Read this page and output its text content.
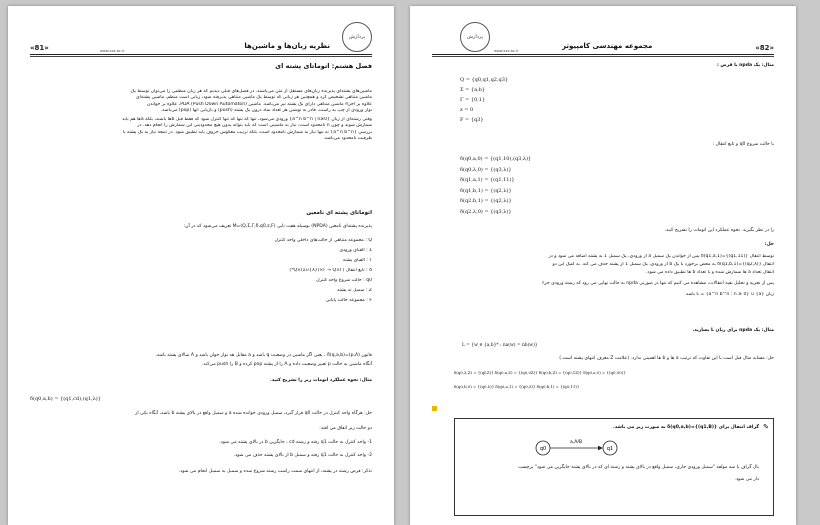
«81»	www.xxx.ac.ir
نظریه زبان‌ها و ماشین‌ها
پردازش
فصل هشتم: اتوماتای پشته ای
ماشین‌های پشته‌ای پذیرنده زبان‌های مستقل از متن می‌باشند. در فصل‌های قبلی دیدیم که هر زبان منظمی را می‌توان توسط یک
ماشین متناهی تشخیص کرد و همچنین هر زبانی که توسط یک ماشین متناهی پذیرفته شود، زبانی است منظم. ماشین پشته‌ای
علاوه بر اجزاء ماشین متناهی دارای یک پشته نیز می‌باشد. ماشین (PDA (Push Down Automaton، علاوه بر خواندن
نوار ورودی از چپ به راست، قادر به نوشتن هر تعداد نماد درون یک پشته (push) و بازیابی آنها (pop) می‌باشد.
وقتی رشته‌ای از زبان {a^n b^n | n≥0} ورودی می‌شود، تنها که تنها که تنها کنترل شود که فقط قبل b‌ها باشند، بلکه a‌ها هم باید
شمارش شوند و چون n نامحدود است، نیاز به ماشینی است که باید بتواند بدون هیچ محدودیتی این شمارش را انجام دهد. در
بررسی {a^n b^n} نه تنها نیاز به شمارش نامحدود است، بلکه ترتیب معکوس حروف باید تطبیق شود. در نتیجه نیاز به یک پشته با
ظرفیت نامحدود می‌باشد.
اتوماتای پشته ای نامعین
پذیرنده پشته‌ای نامعین (NPDA) بوسیله هفت تایی M=(Q,Σ,Γ,δ,q0,z,F) تعریف می‌شود که در آن:
Q : مجموعه متناهی از حالت‌های داخلی واحد کنترل
Σ : الفبای ورودی
Γ : الفبای پشته
δ : تابع انتقال (Q×(Σ∪{λ})×Γ → Q×Γ*)
q0 : حالت شروع واحد کنترل
Z : سمبل ته پشته
F : مجموعه حالت پایانی
قانون δ(q,a,b)=(p,A) ، یعنی اگر ماشین در وضعیت q باشد و a مقابل هد نوار خوان باشد و A سالای پشته باشد،
آنگاه ماشین به حالت p تغییر وضعیت داده و A را از پشته pop کرده و B را push می‌کند.
مثال: نحوه عملکرد انومات زیر را تشریح کنید.
δ(q0,a,b) = {(q1,cd),(q1,λ)}
حل: هرگاه واحد کنترل در حالت q0 قرار گیرد، سمبل ورودی خوانده شده a و سمبل واقع در بالای پشته b باشد، آنگاه یکی از
دو حالت زیر اتفاق می افتد:
1- واحد کنترل به حالت q1 رفته و رشته cd ، جایگزین b در بالای پشته می شود.
2- واحد کنترل به حالت q1 رفته و سمبل b از بالای پشته حذف می شود.
تذکر: فرض رشته در پشته، از انتهای سمت راست رشته شروع شده و سمبل به سمبل انجام می شود.
پردازش
www.xxx.ac.ir
مجموعه مهندسی کامپیوتر	«82»
مثال: یک npda با فرض :
Q = {q0,q1,q2,q3}
Σ = {a,b}
Γ = {0,1}
z = 0
F = {q3}
با حالت شروع q0 و تابع انتقال :
δ(q0,a,0) = {(q1,10),(q3,λ)}
δ(q0,λ,0) = {(q3,λ)}
δ(q1,a,1) = {(q1,11)}
δ(q1,b,1) = {(q2,λ)}
δ(q2,b,1) = {(q2,λ)}
δ(q2,λ,0) = {(q3,λ)}
را در نظر بگیرید. نحوه عملکرد این اتومات را تشریح کنید.
حل:
توسط انتقال δ(q1,a,1)={(q1,11)} پس از خواندن یک سمبل a از ورودی، یک سمبل 1 به پشته اضافه می شود و در
انتقال δ(q1,b,1)={(q2,λ)} به محض برخورد با یک b از ورودی، یک سمبل 1 از پشته حذف می کند. به کمک این دو
انتقال تعداد a ها شمارش شده و با تعداد b ها تطبیق داده می شود.
پس از تجزیه و تحلیل بقیه انتقالات، مشاهده می کنیم که تنها در صورتی npda به حالت نهایی می رود که رشته ورودی جزء
زبان L = {a^n b^n : n ≥ 0} ∪ {a} باشد.
مثال: یک npda برای زبان L بسازید.
L = {w ∈ {a,b}* : na(w) = nb(w)}
حل: مشابه مثال قبل است با این تفاوت که ترتیب a ها و b ها اهمیتی ندارد. (علامت Z معرف انتهای پشته است.)
δ(q0,λ,Z) = {(qf,Z)} δ(q0,a,Z) = {(q0,0Z)} δ(q0,b,Z) = {(q0,1Z)} δ(q0,a,0) = {(q0,00)}
δ(q0,b,0) = {(q0,λ)} δ(q0,a,1) = {(q0,λ)} δ(q0,b,1) = {(q0,11)}
گراف انتقال برای δ(q0,a,b)={(q1,B)} به صورت زیر می باشد. ✎
q0	q1
a,A/B
یال گراف با سه مولفه "سمبل ورودی جاری، سمبل واقع در بالای پشته و رشته ای که در بالای پشته جایگزین می شود" برچسب
دار می شود.
